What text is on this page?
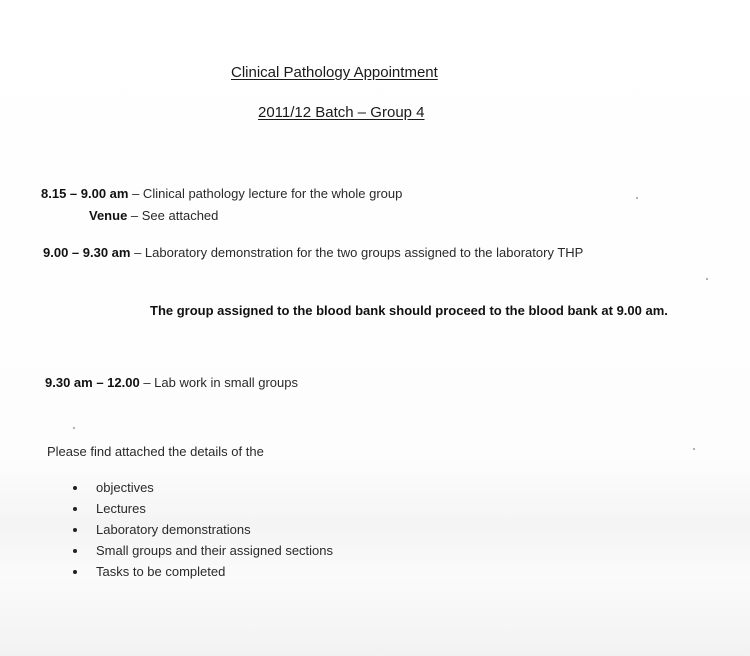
Clinical Pathology Appointment
2011/12 Batch – Group 4
8.15 – 9.00 am – Clinical pathology lecture for the whole group
Venue – See attached
9.00 – 9.30 am – Laboratory demonstration for the two groups assigned to the laboratory THP
The group assigned to the blood bank should proceed to the blood bank at 9.00 am.
9.30 am – 12.00 – Lab work in small groups
Please find attached the details of the
objectives
Lectures
Laboratory demonstrations
Small groups and their assigned sections
Tasks to be completed
